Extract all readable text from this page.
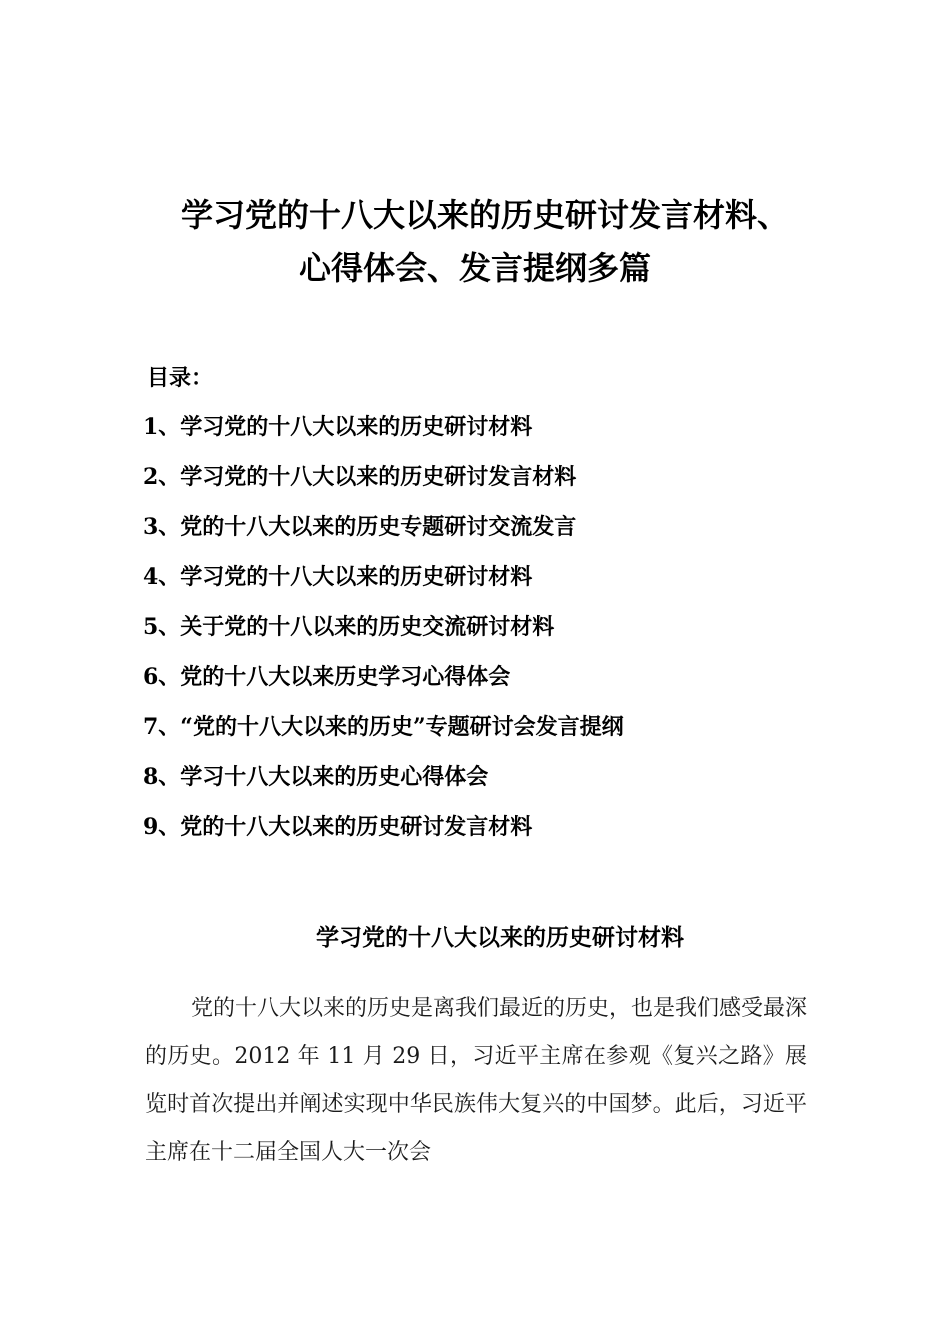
学习党的十八大以来的历史研讨发言材料、
心得体会、发言提纲多篇
目录：
1、学习党的十八大以来的历史研讨材料
2、学习党的十八大以来的历史研讨发言材料
3、党的十八大以来的历史专题研讨交流发言
4、学习党的十八大以来的历史研讨材料
5、关于党的十八以来的历史交流研讨材料
6、党的十八大以来历史学习心得体会
7、“党的十八大以来的历史”专题研讨会发言提纲
8、学习十八大以来的历史心得体会
9、党的十八大以来的历史研讨发言材料
学习党的十八大以来的历史研讨材料

党的十八大以来的历史是离我们最近的历史，也是我们感受最深的历史。2012 年 11 月 29 日，习近平主席在参观《复兴之路》展览时首次提出并阐述实现中华民族伟大复兴的中国梦。此后，习近平主席在十二届全国人大一次会
